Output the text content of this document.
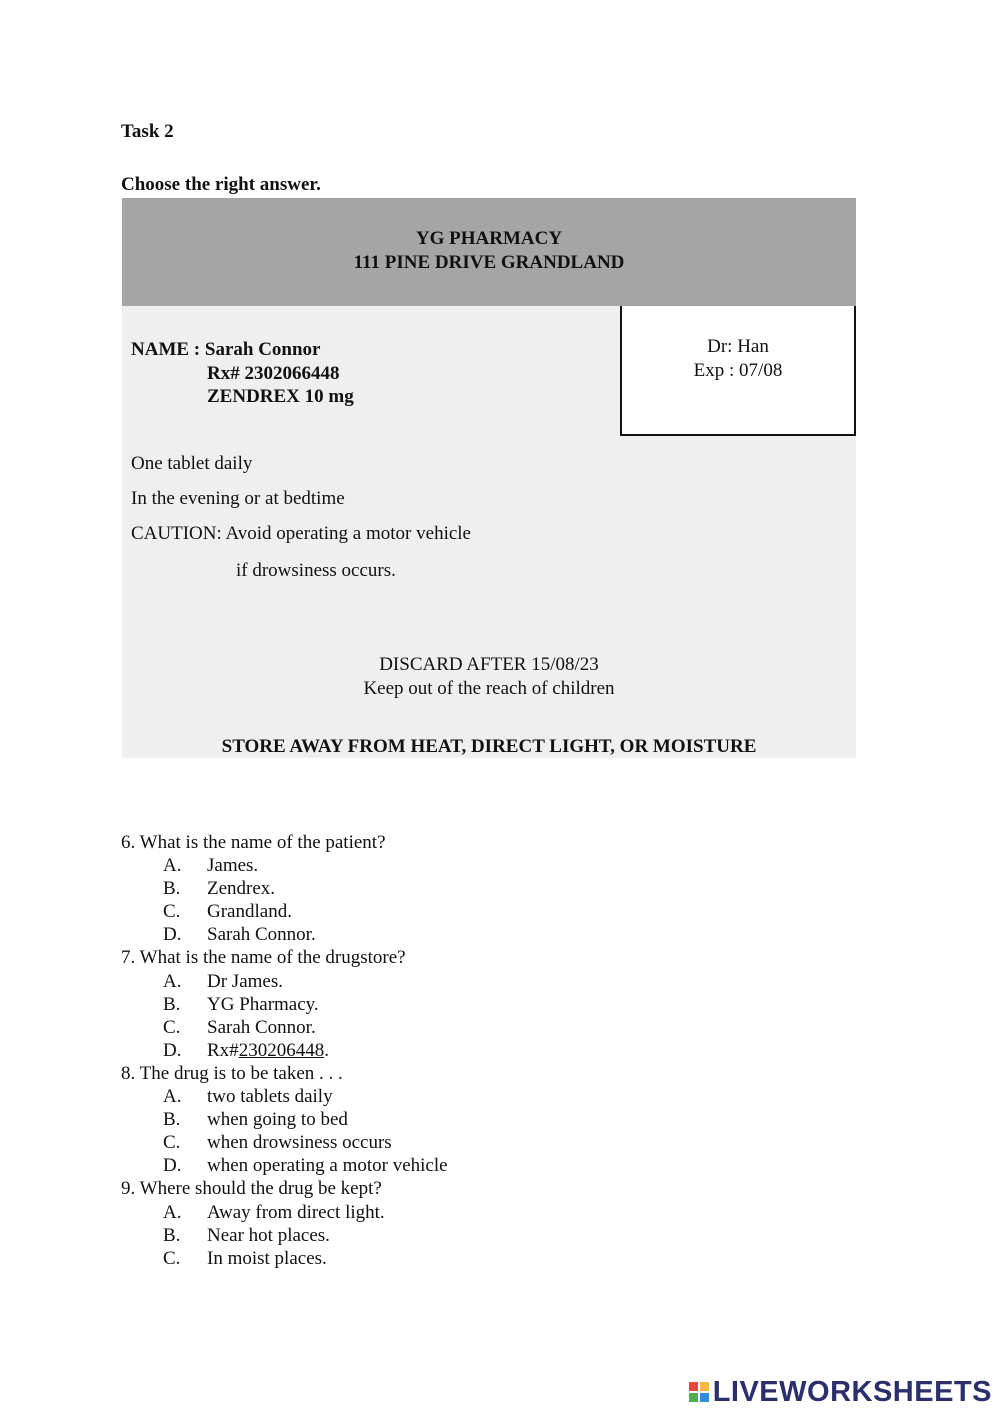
Task 2
Choose the right answer.
YG PHARMACY
111 PINE DRIVE GRANDLAND
NAME : Sarah Connor
Rx# 2302066448
ZENDREX 10 mg
Dr: Han
Exp : 07/08
One tablet daily
In the evening or at bedtime
CAUTION: Avoid operating a motor vehicle
if drowsiness occurs.
DISCARD AFTER 15/08/23
Keep out of the reach of children
STORE AWAY FROM HEAT, DIRECT LIGHT, OR MOISTURE
6. What is the name of the patient?
A. James.
B. Zendrex.
C. Grandland.
D. Sarah Connor.
7. What is the name of the drugstore?
A. Dr James.
B. YG Pharmacy.
C. Sarah Connor.
D. Rx#230206448.
8. The drug is to be taken . . .
A. two tablets daily
B. when going to bed
C. when drowsiness occurs
D. when operating a motor vehicle
9. Where should the drug be kept?
A. Away from direct light.
B. Near hot places.
C. In moist places.
LIVEWORKSHEETS
